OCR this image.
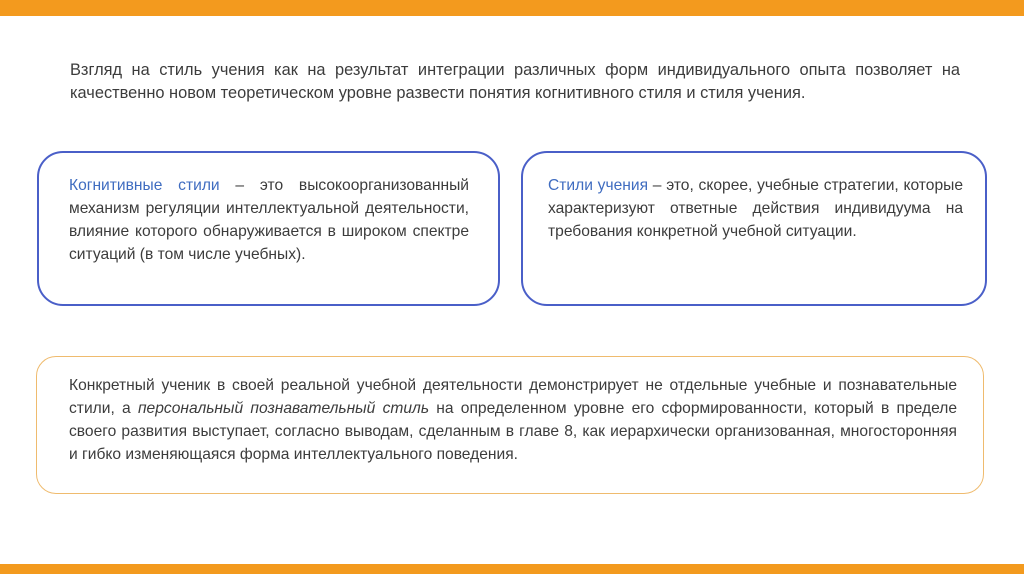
Взгляд на стиль учения как на результат интеграции различных форм индивидуального опыта позволяет на качественно новом теоретическом уровне развести понятия когнитивного стиля и стиля учения.

Когнитивные стили – это высокоорганизованный механизм регуляции интеллектуальной деятельности, влияние которого обнаруживается в широком спектре ситуаций (в том числе учебных).

Стили учения – это, скорее, учебные стратегии, которые характеризуют ответные действия индивидуума на требования конкретной учебной ситуации.

Конкретный ученик в своей реальной учебной деятельности демонстрирует не отдельные учебные и познавательные стили, а персональный познавательный стиль на определенном уровне его сформированности, который в пределе своего развития выступает, согласно выводам, сделанным в главе 8, как иерархически организованная, многосторонняя и гибко изменяющаяся форма интеллектуального поведения.
